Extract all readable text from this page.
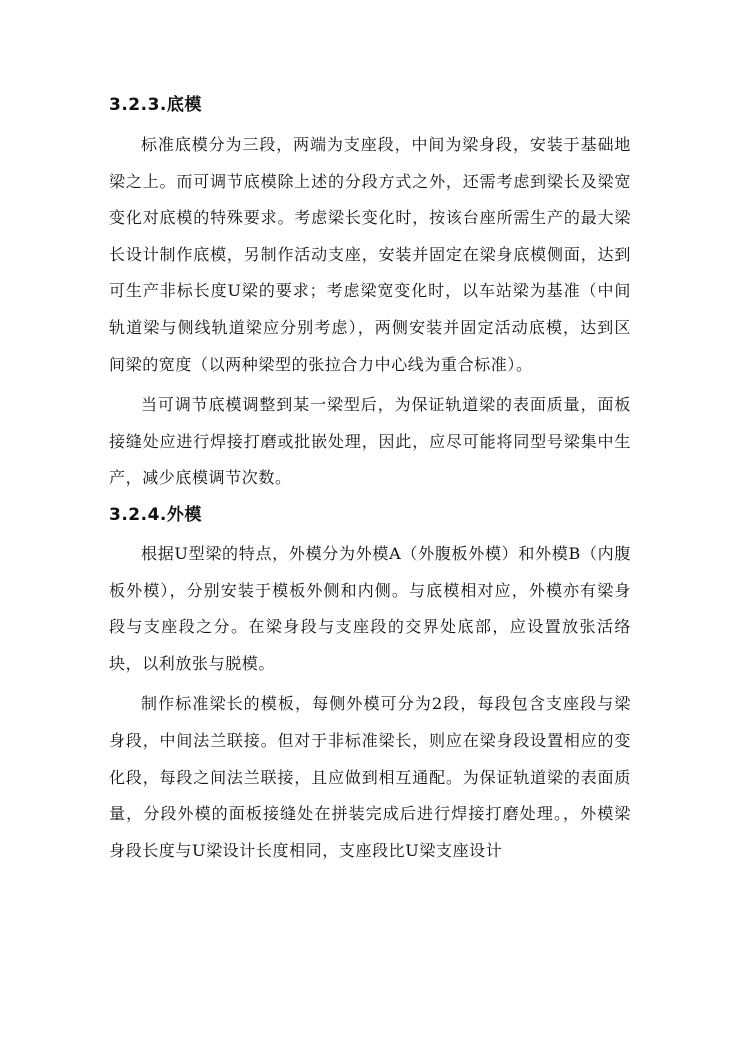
3.2.3.底模

标准底模分为三段，两端为支座段，中间为梁身段，安装于基础地梁之上。而可调节底模除上述的分段方式之外，还需考虑到梁长及梁宽变化对底模的特殊要求。考虑梁长变化时，按该台座所需生产的最大梁长设计制作底模，另制作活动支座，安装并固定在梁身底模侧面，达到可生产非标长度U梁的要求；考虑梁宽变化时，以车站梁为基准（中间轨道梁与侧线轨道梁应分别考虑），两侧安装并固定活动底模，达到区间梁的宽度（以两种梁型的张拉合力中心线为重合标准）。

当可调节底模调整到某一梁型后，为保证轨道梁的表面质量，面板接缝处应进行焊接打磨或批嵌处理，因此，应尽可能将同型号梁集中生产，减少底模调节次数。

3.2.4.外模

根据U型梁的特点，外模分为外模A（外腹板外模）和外模B（内腹板外模），分别安装于模板外侧和内侧。与底模相对应，外模亦有梁身段与支座段之分。在梁身段与支座段的交界处底部，应设置放张活络块，以利放张与脱模。

制作标准梁长的模板，每侧外模可分为2段，每段包含支座段与梁身段，中间法兰联接。但对于非标准梁长，则应在梁身段设置相应的变化段，每段之间法兰联接，且应做到相互通配。为保证轨道梁的表面质量，分段外模的面板接缝处在拼装完成后进行焊接打磨处理。，外模梁身段长度与U梁设计长度相同，支座段比U梁支座设计
